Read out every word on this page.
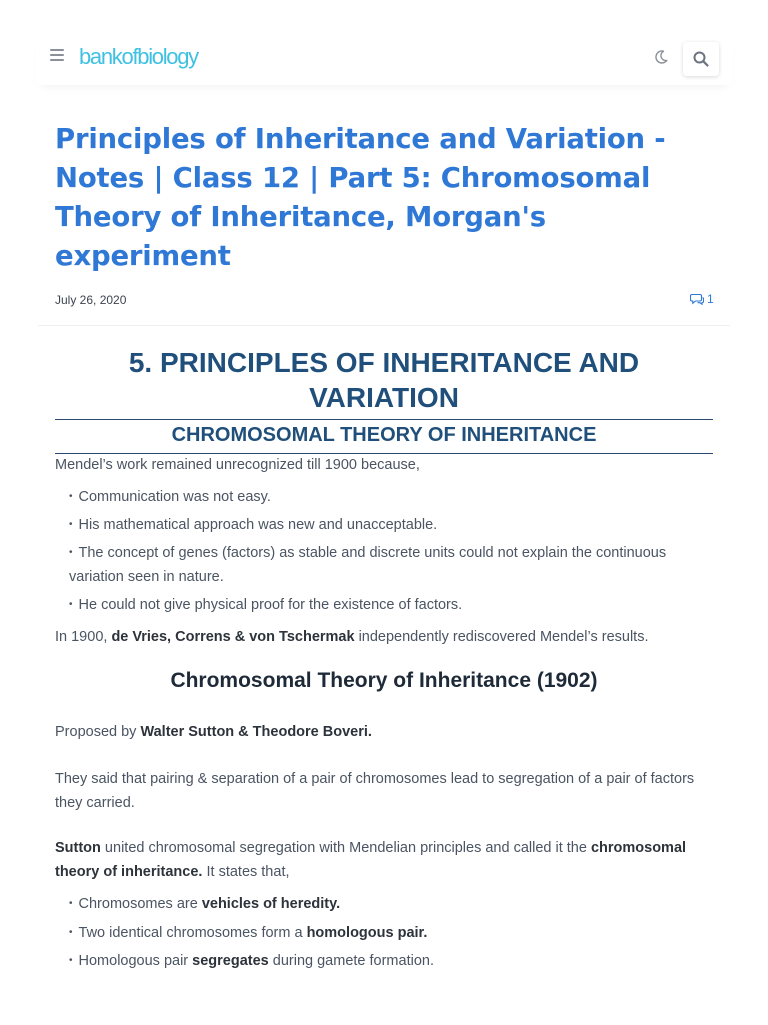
bankofbiology
Principles of Inheritance and Variation - Notes | Class 12 | Part 5: Chromosomal Theory of Inheritance, Morgan's experiment
July 26, 2020	1
5. PRINCIPLES OF INHERITANCE AND VARIATION
CHROMOSOMAL THEORY OF INHERITANCE

Mendel’s work remained unrecognized till 1900 because,

• Communication was not easy.
• His mathematical approach was new and unacceptable.
• The concept of genes (factors) as stable and discrete units could not explain the continuous variation seen in nature.
• He could not give physical proof for the existence of factors.

In 1900, de Vries, Correns & von Tschermak independently rediscovered Mendel’s results.

Chromosomal Theory of Inheritance (1902)

Proposed by Walter Sutton & Theodore Boveri.

They said that pairing & separation of a pair of chromosomes lead to segregation of a pair of factors they carried.

Sutton united chromosomal segregation with Mendelian principles and called it the chromosomal theory of inheritance. It states that,

• Chromosomes are vehicles of heredity.
• Two identical chromosomes form a homologous pair.
• Homologous pair segregates during gamete formation.
